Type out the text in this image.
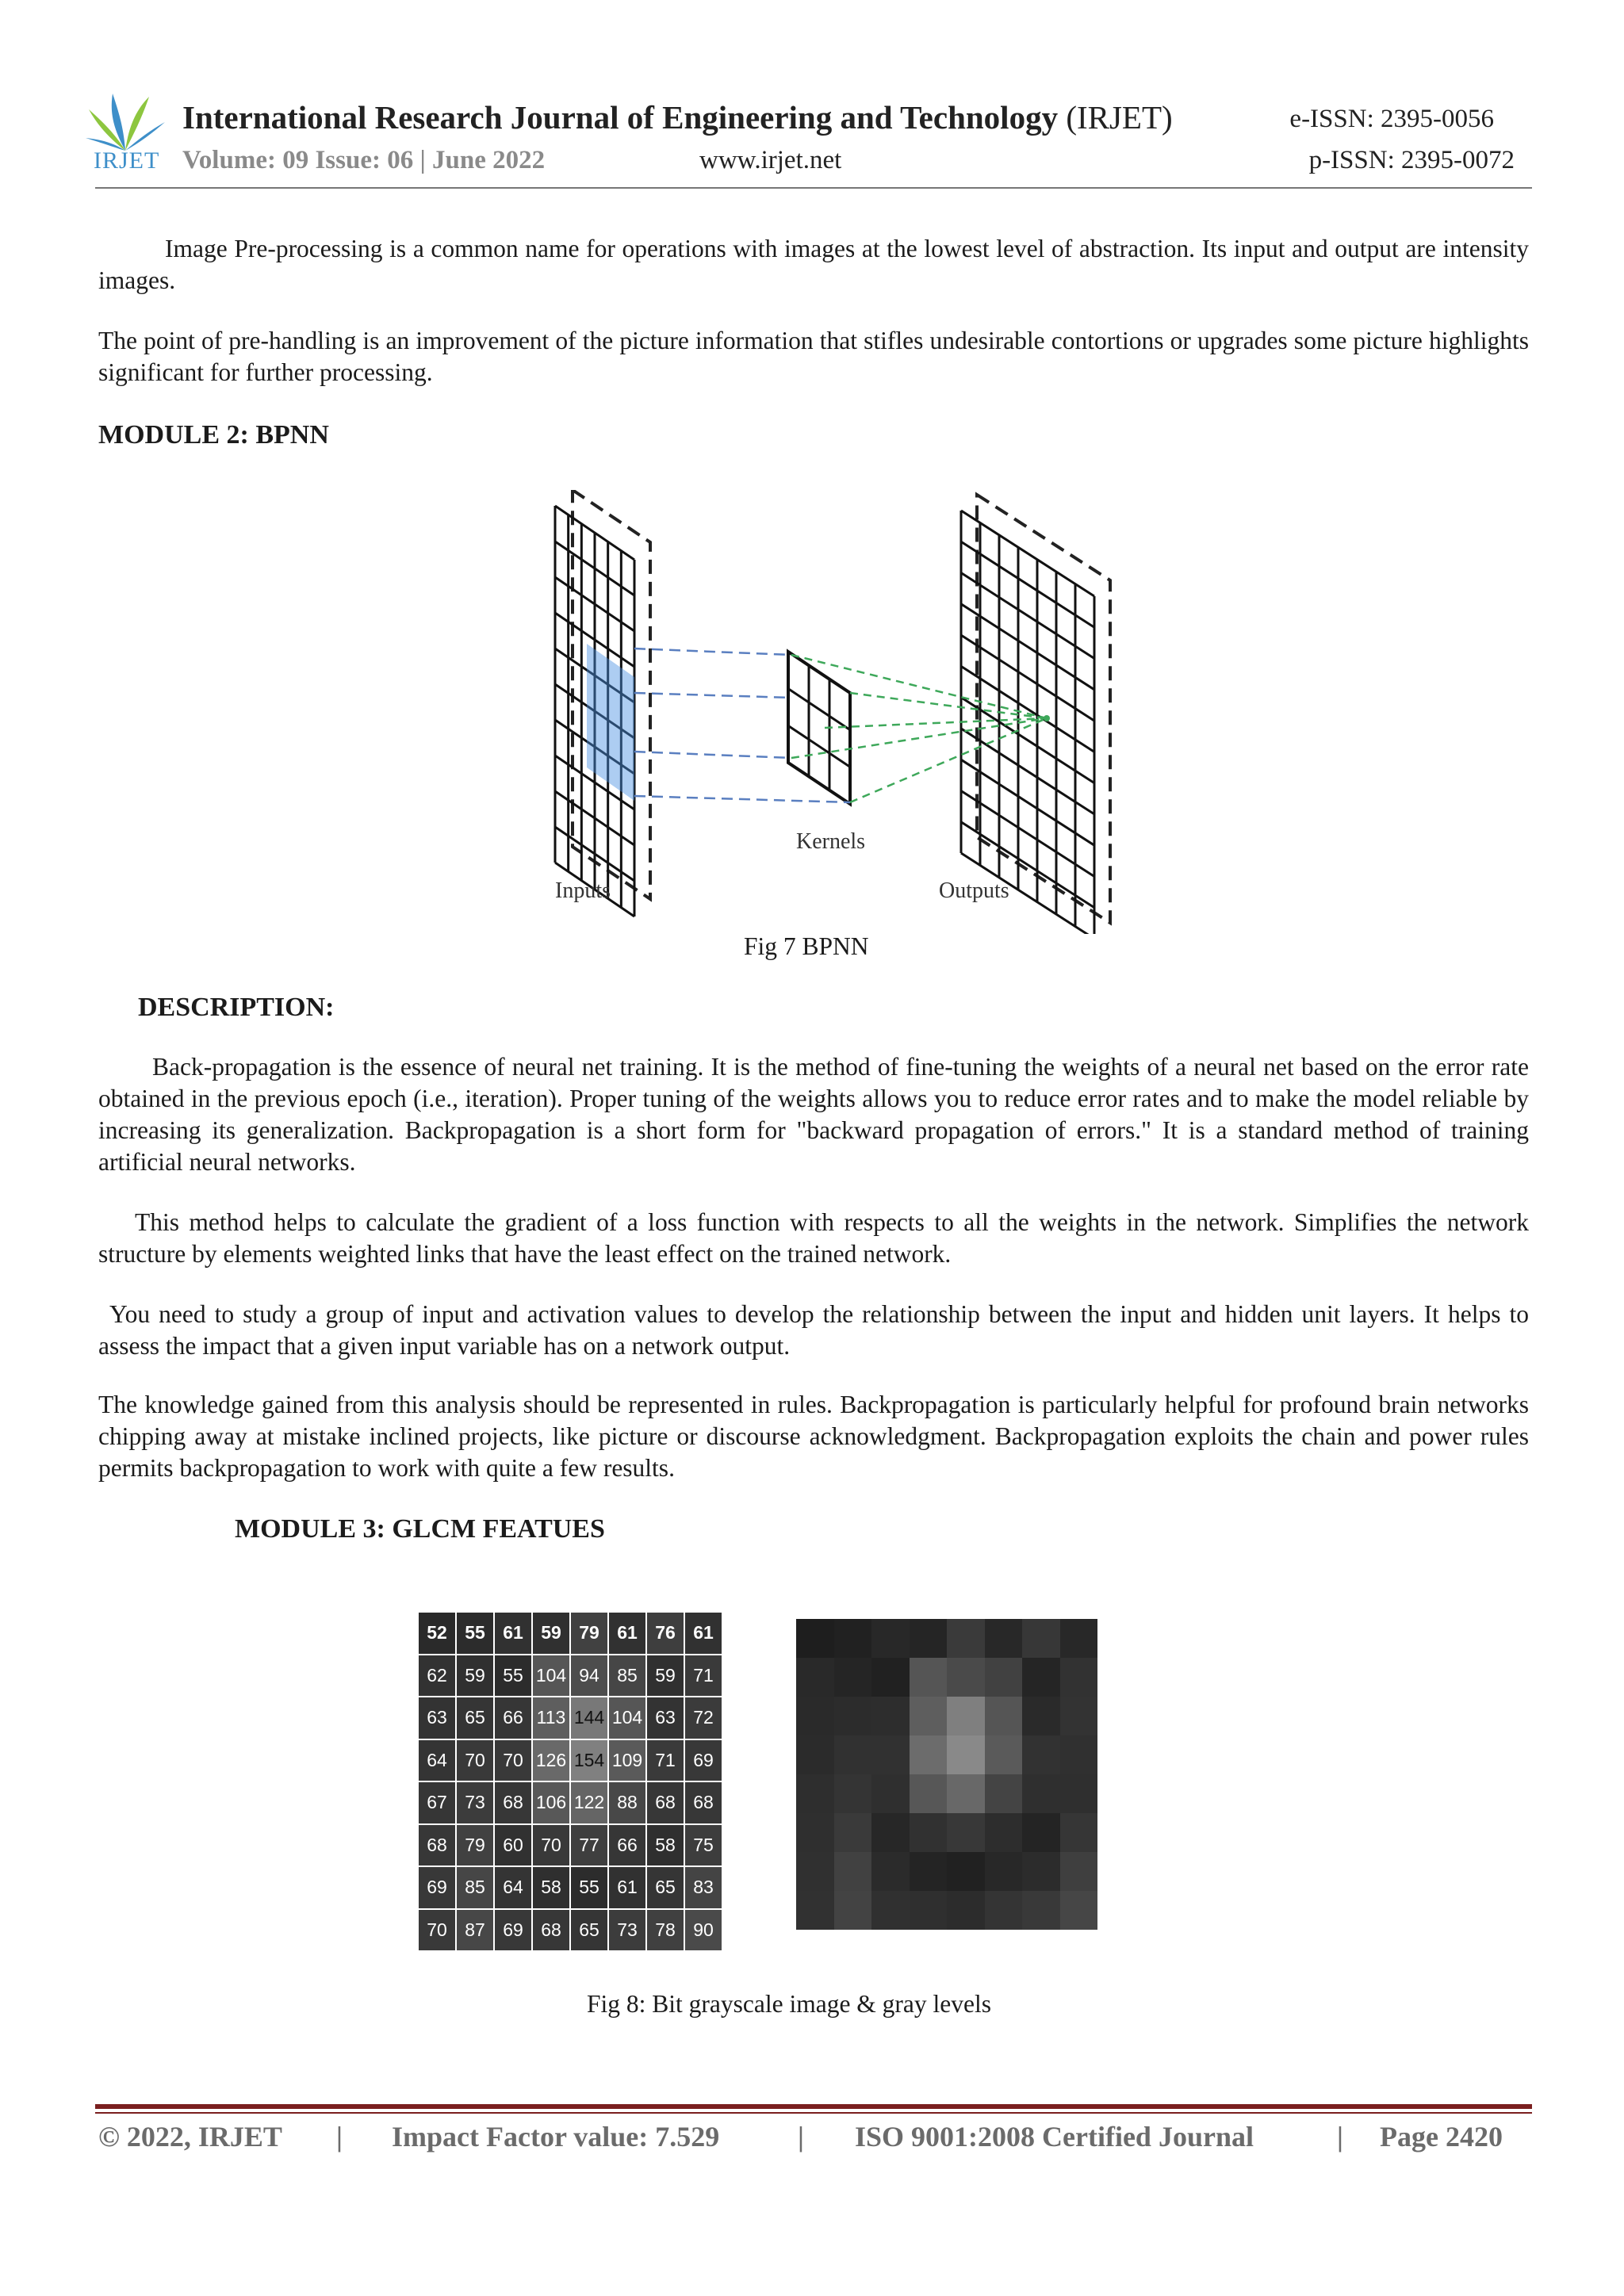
IRJET
International Research Journal of Engineering and Technology (IRJET)
Volume: 09 Issue: 06 | June 2022	www.irjet.net
e-ISSN: 2395-0056
p-ISSN: 2395-0072

Image Pre-processing is a common name for operations with images at the lowest level of abstraction. Its input and output are intensity images.

The point of pre-handling is an improvement of the picture information that stifles undesirable contortions or upgrades some picture highlights significant for further processing.

MODULE 2: BPNN
Inputs
Kernels
Outputs
Fig 7 BPNN
DESCRIPTION:

Back-propagation is the essence of neural net training. It is the method of fine-tuning the weights of a neural net based on the error rate obtained in the previous epoch (i.e., iteration). Proper tuning of the weights allows you to reduce error rates and to make the model reliable by increasing its generalization. Backpropagation is a short form for "backward propagation of errors." It is a standard method of training artificial neural networks.

This method helps to calculate the gradient of a loss function with respects to all the weights in the network. Simplifies the network structure by elements weighted links that have the least effect on the trained network.

You need to study a group of input and activation values to develop the relationship between the input and hidden unit layers. It helps to assess the impact that a given input variable has on a network output.

The knowledge gained from this analysis should be represented in rules. Backpropagation is particularly helpful for profound brain networks chipping away at mistake inclined projects, like picture or discourse acknowledgment. Backpropagation exploits the chain and power rules permits backpropagation to work with quite a few results.

MODULE 3: GLCM FEATUES
52	55	61	59	79	61	76	61
62	59	55	104	94	85	59	71
63	65	66	113	144	104	63	72
64	70	70	126	154	109	71	69
67	73	68	106	122	88	68	68
68	79	60	70	77	66	58	75
69	85	64	58	55	61	65	83
70	87	69	68	65	73	78	90
Fig 8: Bit grayscale image & gray levels
© 2022, IRJET | Impact Factor value: 7.529	| ISO 9001:2008 Certified Journal	| Page 2420
